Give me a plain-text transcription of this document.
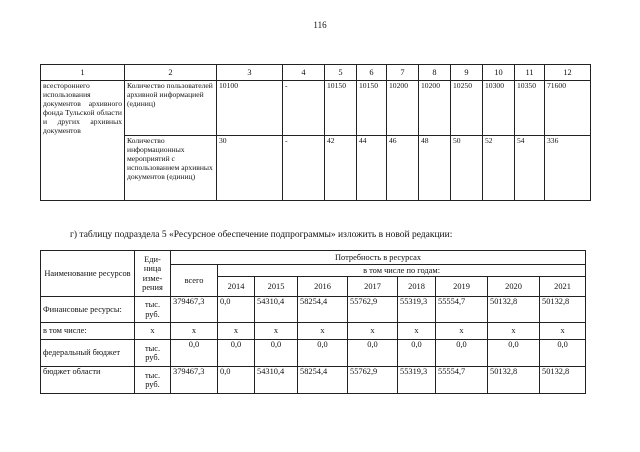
116
1	2	3	4	5	6	7	8	9	10	11	12
всестороннего использования документов архивного фонда Тульской области и других архивных документов	Количество пользователей архивной информацией (единиц)	10100	-	10150	10150	10200	10200	10250	10300	10350	71600
	Количество информационных мероприятий с использованием архивных документов (единиц)	30	-	42	44	46	48	50	52	54	336
г) таблицу подраздела 5 «Ресурсное обеспечение подпрограммы» изложить в новой редакции:
Наименование ресурсов	Еди- ница изме- рения	Потребность в ресурсах								
		всего	в том числе по годам:							
			2014	2015	2016	2017	2018	2019	2020	2021
Финансовые ресурсы:	тыс. руб.	379467,3	0,0	54310,4	58254,4	55762,9	55319,3	55554,7	50132,8	50132,8
в том числе:	х	х	х	х	х	х	х	х	х	х
федеральный бюджет	тыс. руб.	0,0	0,0	0,0	0,0	0,0	0,0	0,0	0,0	0,0
бюджет области	тыс. руб.	379467,3	0,0	54310,4	58254,4	55762,9	55319,3	55554,7	50132,8	50132,8
